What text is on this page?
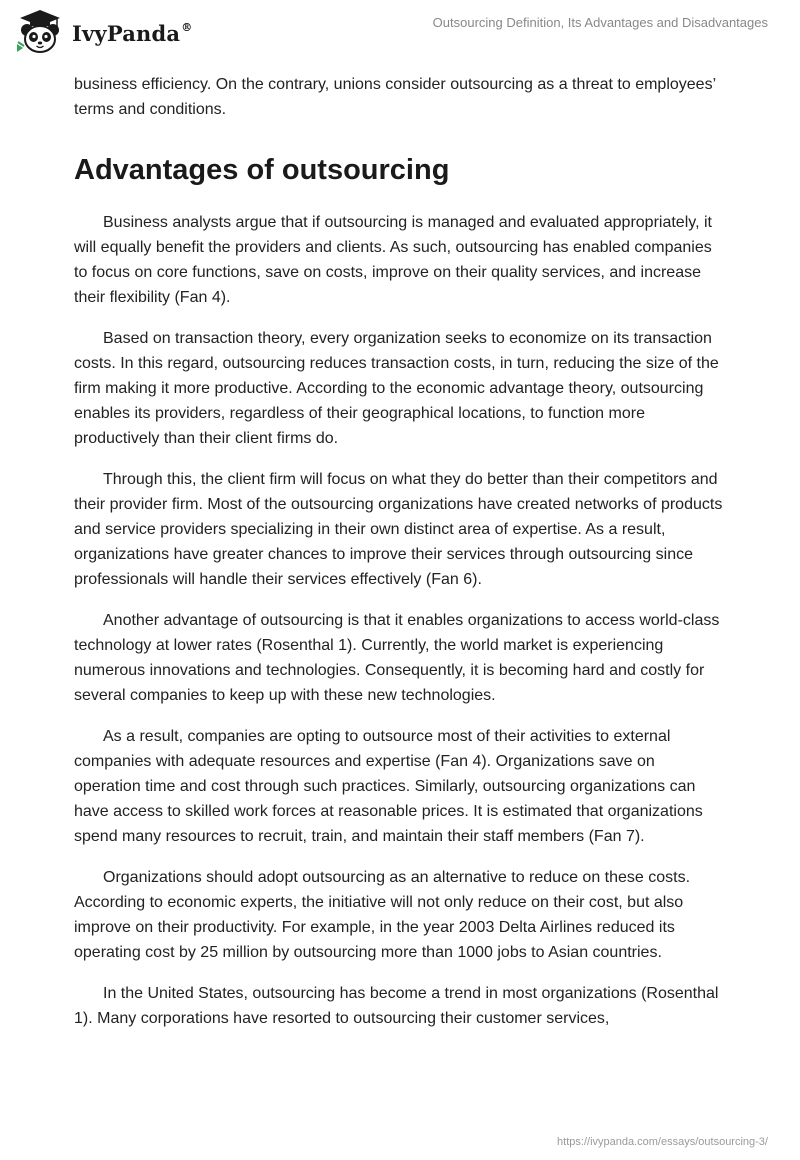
IvyPanda®	Outsourcing Definition, Its Advantages and Disadvantages

business efficiency. On the contrary, unions consider outsourcing as a threat to employees’ terms and conditions.

Advantages of outsourcing

Business analysts argue that if outsourcing is managed and evaluated appropriately, it will equally benefit the providers and clients. As such, outsourcing has enabled companies to focus on core functions, save on costs, improve on their quality services, and increase their flexibility (Fan 4).

Based on transaction theory, every organization seeks to economize on its transaction costs. In this regard, outsourcing reduces transaction costs, in turn, reducing the size of the firm making it more productive. According to the economic advantage theory, outsourcing enables its providers, regardless of their geographical locations, to function more productively than their client firms do.

Through this, the client firm will focus on what they do better than their competitors and their provider firm. Most of the outsourcing organizations have created networks of products and service providers specializing in their own distinct area of expertise. As a result, organizations have greater chances to improve their services through outsourcing since professionals will handle their services effectively (Fan 6).

Another advantage of outsourcing is that it enables organizations to access world-class technology at lower rates (Rosenthal 1). Currently, the world market is experiencing numerous innovations and technologies. Consequently, it is becoming hard and costly for several companies to keep up with these new technologies.

As a result, companies are opting to outsource most of their activities to external companies with adequate resources and expertise (Fan 4). Organizations save on operation time and cost through such practices. Similarly, outsourcing organizations can have access to skilled work forces at reasonable prices. It is estimated that organizations spend many resources to recruit, train, and maintain their staff members (Fan 7).

Organizations should adopt outsourcing as an alternative to reduce on these costs. According to economic experts, the initiative will not only reduce on their cost, but also improve on their productivity. For example, in the year 2003 Delta Airlines reduced its operating cost by 25 million by outsourcing more than 1000 jobs to Asian countries.

In the United States, outsourcing has become a trend in most organizations (Rosenthal 1). Many corporations have resorted to outsourcing their customer services,

https://ivypanda.com/essays/outsourcing-3/
